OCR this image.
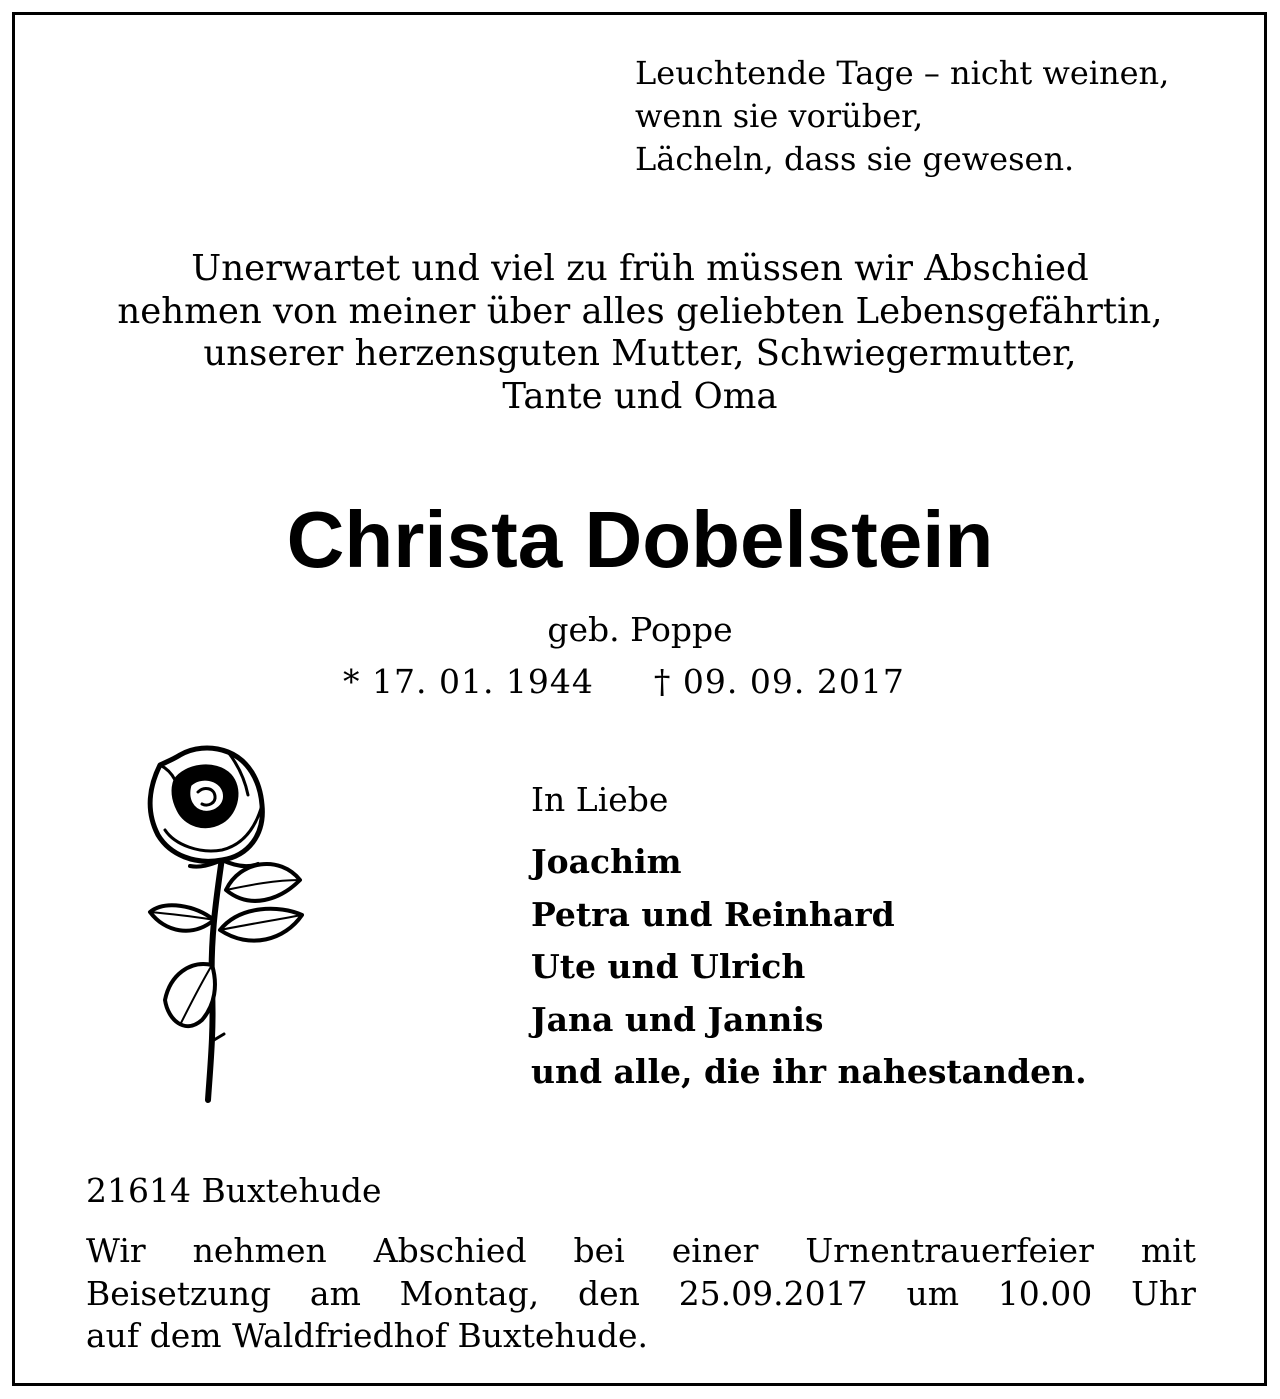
Leuchtende Tage – nicht weinen,
wenn sie vorüber,
Lächeln, dass sie gewesen.
Unerwartet und viel zu früh müssen wir Abschied
nehmen von meiner über alles geliebten Lebensgefährtin,
unserer herzensguten Mutter, Schwiegermutter,
Tante und Oma
Christa Dobelstein
geb. Poppe
* 17. 01. 1944 † 09. 09. 2017
In Liebe
Joachim
Petra und Reinhard
Ute und Ulrich
Jana und Jannis
und alle, die ihr nahestanden.
21614 Buxtehude
Wir nehmen Abschied bei einer Urnentrauerfeier mit
Beisetzung am Montag, den 25.09.2017 um 10.00 Uhr
auf dem Waldfriedhof Buxtehude.
